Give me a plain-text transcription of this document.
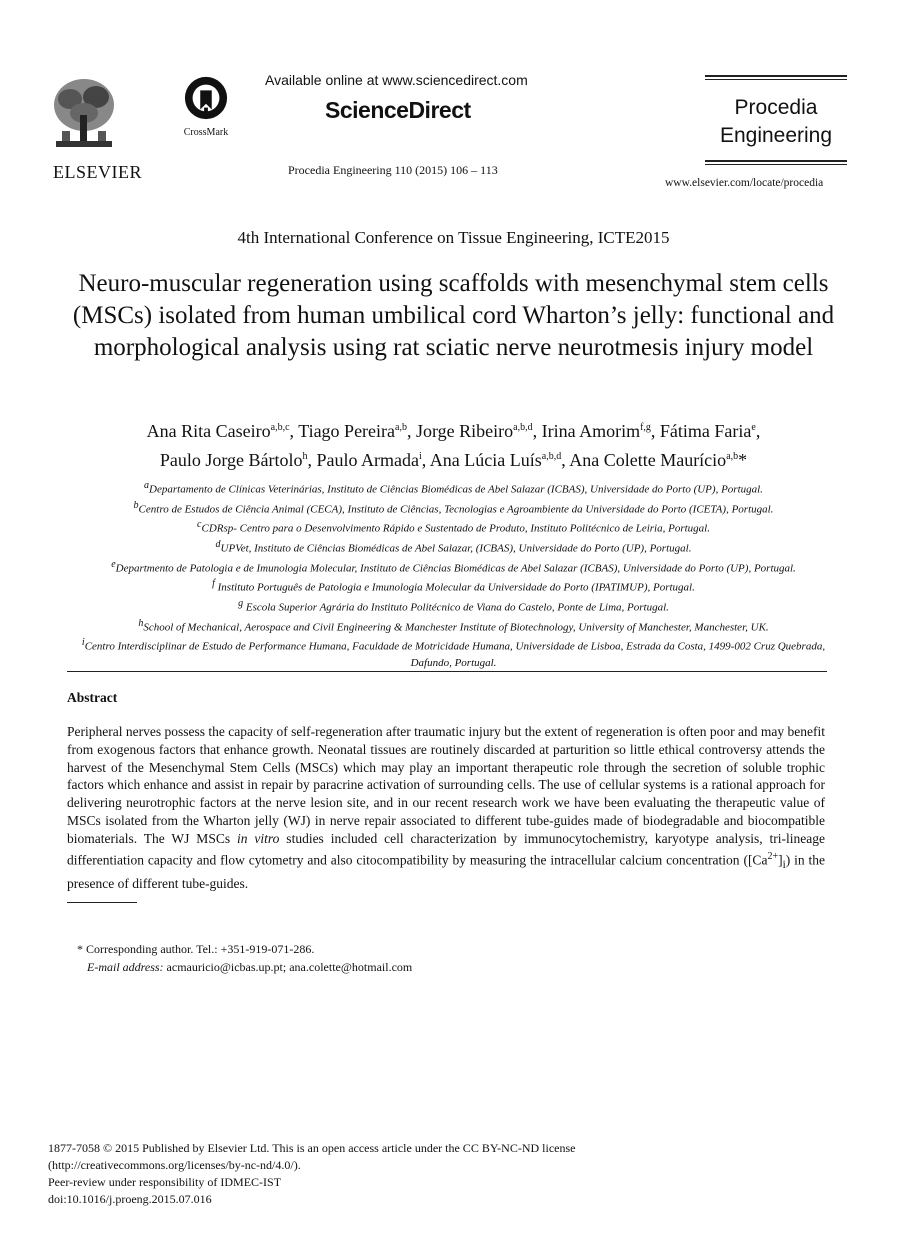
ELSEVIER
CrossMark
Available online at www.sciencedirect.com
ScienceDirect
Procedia Engineering 110 (2015) 106 – 113
Procedia
Engineering
www.elsevier.com/locate/procedia
4th International Conference on Tissue Engineering, ICTE2015
Neuro-muscular regeneration using scaffolds with mesenchymal stem cells (MSCs) isolated from human umbilical cord Wharton’s jelly: functional and morphological analysis using rat sciatic nerve neurotmesis injury model
Ana Rita Caseiro$^{a,b,c}$, Tiago Pereira$^{a,b}$, Jorge Ribeiro$^{a,b,d}$, Irina Amorim$^{f,g}$, Fátima Faria$^e$,
Paulo Jorge Bártolo$^h$, Paulo Armada$^i$, Ana Lúcia Luís$^{a,b,d}$, Ana Colette Maurício$^{a,b}$*
$^a$Departamento de Clínicas Veterinárias, Instituto de Ciências Biomédicas de Abel Salazar (ICBAS), Universidade do Porto (UP), Portugal.
$^b$Centro de Estudos de Ciência Animal (CECA), Instituto de Ciências, Tecnologias e Agroambiente da Universidade do Porto (ICETA), Portugal.
$^c$CDRsp- Centro para o Desenvolvimento Rápido e Sustentado de Produto, Instituto Politécnico de Leiria, Portugal.
$^d$UPVet, Instituto de Ciências Biomédicas de Abel Salazar, (ICBAS), Universidade do Porto (UP), Portugal.
$^e$Departmento de Patologia e de Imunologia Molecular, Instituto de Ciências Biomédicas de Abel Salazar (ICBAS), Universidade do Porto (UP), Portugal.
$^f$ Instituto Português de Patologia e Imunologia Molecular da Universidade do Porto (IPATIMUP), Portugal.
$^g$ Escola Superior Agrária do Instituto Politécnico de Viana do Castelo, Ponte de Lima, Portugal.
$^h$School of Mechanical, Aerospace and Civil Engineering & Manchester Institute of Biotechnology, University of Manchester, Manchester, UK.
$^i$Centro Interdisciplinar de Estudo de Performance Humana, Faculdade de Motricidade Humana, Universidade de Lisboa, Estrada da Costa, 1499-002 Cruz Quebrada, Dafundo, Portugal.
Abstract
Peripheral nerves possess the capacity of self-regeneration after traumatic injury but the extent of regeneration is often poor and may benefit from exogenous factors that enhance growth. Neonatal tissues are routinely discarded at parturition so little ethical controversy attends the harvest of the Mesenchymal Stem Cells (MSCs) which may play an important therapeutic role through the secretion of soluble trophic factors which enhance and assist in repair by paracrine activation of surrounding cells. The use of cellular systems is a rational approach for delivering neurotrophic factors at the nerve lesion site, and in our recent research work we have been evaluating the therapeutic value of MSCs isolated from the Wharton jelly (WJ) in nerve repair associated to different tube-guides made of biodegradable and biocompatible biomaterials. The WJ MSCs in vitro studies included cell characterization by immunocytochemistry, karyotype analysis, tri-lineage differentiation capacity and flow cytometry and also citocompatibility by measuring the intracellular calcium concentration $([Ca^{2+}]_i)$ in the presence of different tube-guides.
* Corresponding author. Tel.: +351-919-071-286.
E-mail address: acmauricio@icbas.up.pt; ana.colette@hotmail.com
1877-7058 © 2015 Published by Elsevier Ltd. This is an open access article under the CC BY-NC-ND license
(http://creativecommons.org/licenses/by-nc-nd/4.0/).
Peer-review under responsibility of IDMEC-IST
doi:10.1016/j.proeng.2015.07.016
